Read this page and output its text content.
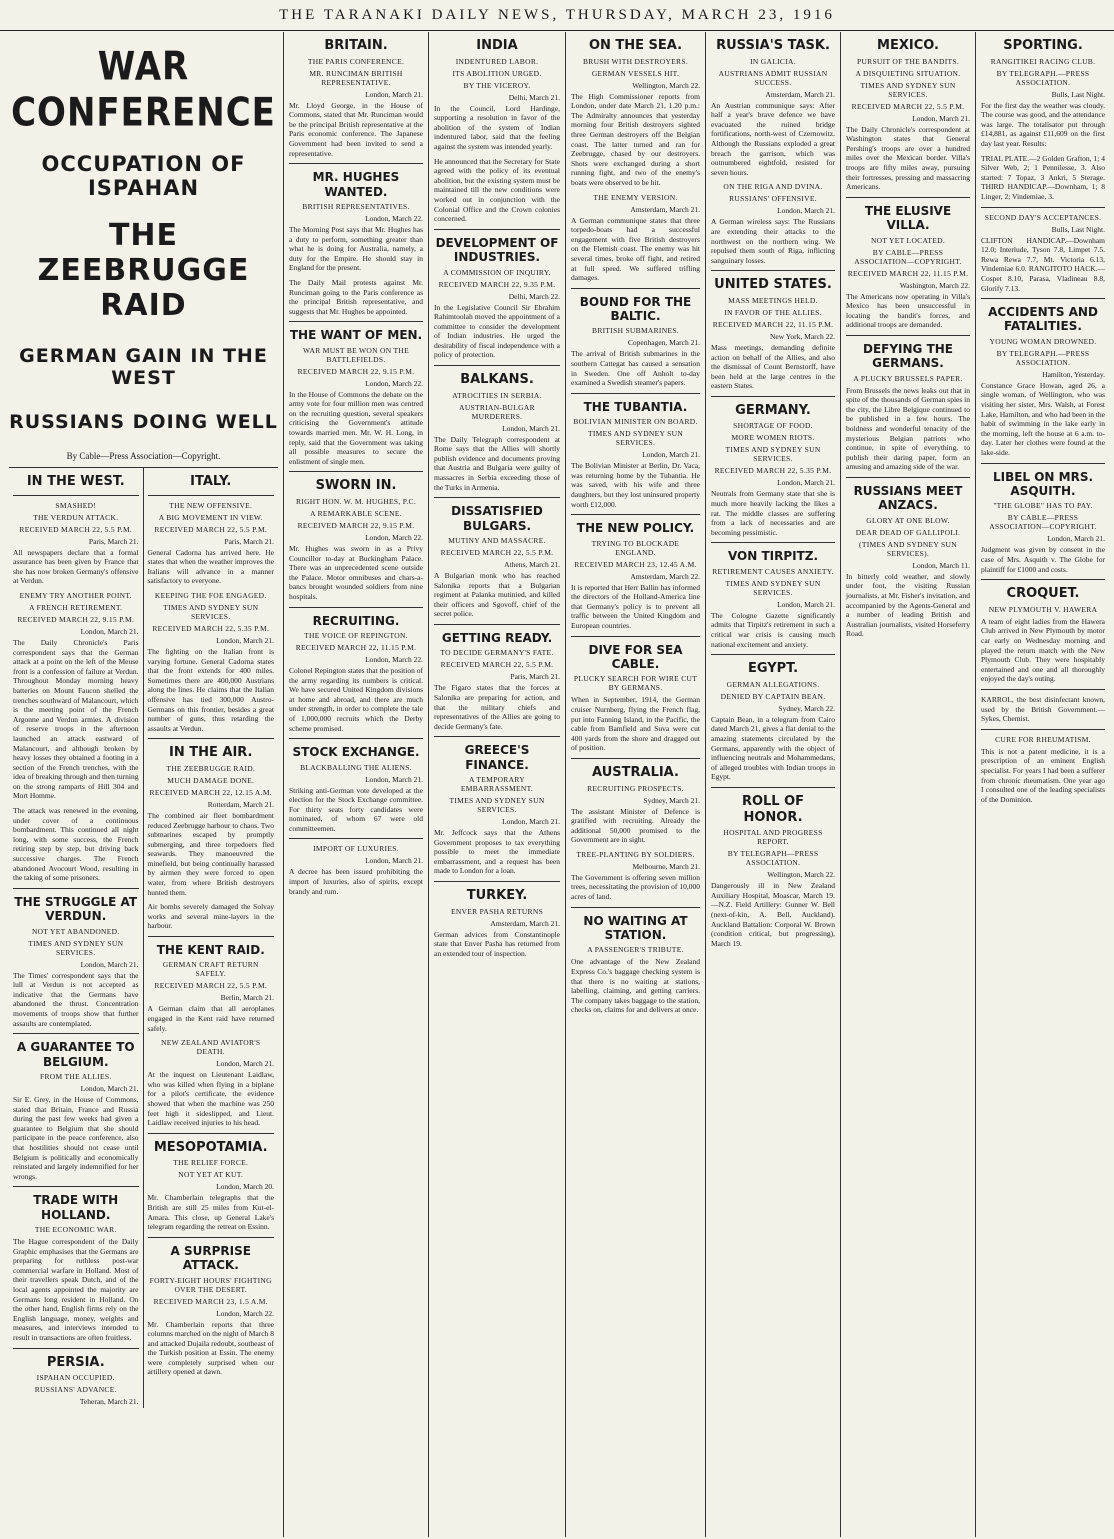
THE TARANAKI DAILY NEWS, THURSDAY, MARCH 23, 1916
WAR CONFERENCE
OCCUPATION OF ISPAHAN
THE ZEEBRUGGE RAID
GERMAN GAIN IN THE WEST
RUSSIANS DOING WELL
By Cable—Press Association—Copyright.
IN THE WEST.
SMASHED!
THE VERDUN ATTACK.
RECEIVED MARCH 22, 5.5 P.M.
Paris, March 21.
All newspapers declare that a formal assurance has been given by France that she has now broken Germany's offensive at Verdun.
ENEMY TRY ANOTHER POINT.
A FRENCH RETIREMENT.
RECEIVED MARCH 22, 9.15 P.M.
London, March 21.
The Daily Chronicle's Paris correspondent says that the German attack at a point on the left of the Meuse front is a confession of failure at Verdun. Throughout Monday morning heavy batteries on Mount Faucon shelled the trenches southward of Malancourt, which is the meeting point of the French Argonne and Verdun armies. A division of reserve troops in the afternoon launched an attack eastward of Malancourt, and although broken by heavy losses they obtained a footing in a section of the French trenches, with the idea of breaking through and then turning on the strong ramparts of Hill 304 and Mort Homme.
The attack was renewed in the evening, under cover of a continuous bombardment. This continued all night long, with some success, the French retiring step by step, but driving back successive charges. The French abandoned Avocourt Wood, resulting in the taking of some prisoners.
THE STRUGGLE AT VERDUN.
NOT YET ABANDONED.
TIMES AND SYDNEY SUN SERVICES.
London, March 21.
The Times' correspondent says that the lull at Verdun is not accepted as indicative that the Germans have abandoned the thrust. Concentration movements of troops show that further assaults are contemplated.
A GUARANTEE TO BELGIUM.
FROM THE ALLIES.
London, March 21.
Sir E. Grey, in the House of Commons, stated that Britain, France and Russia during the past few weeks had given a guarantee to Belgium that she should participate in the peace conference, also that hostilities should not cease until Belgium is politically and economically reinstated and largely indemnified for her wrongs.
TRADE WITH HOLLAND.
THE ECONOMIC WAR.
The Hague correspondent of the Daily Graphic emphasises that the Germans are preparing for ruthless post-war commercial warfare in Holland. Most of their travellers speak Dutch, and of the local agents appointed the majority are Germans long resident in Holland. On the other hand, English firms rely on the English language, money, weights and measures, and interviews intended to result in transactions are often fruitless.
PERSIA.
ISPAHAN OCCUPIED.
RUSSIANS' ADVANCE.
Teheran, March 21.
ITALY.
THE NEW OFFENSIVE.
A BIG MOVEMENT IN VIEW.
RECEIVED MARCH 22, 5.5 P.M.
Paris, March 21.
General Cadorna has arrived here. He states that when the weather improves the Italians will advance in a manner satisfactory to everyone.
KEEPING THE FOE ENGAGED.
TIMES AND SYDNEY SUN SERVICES.
RECEIVED MARCH 22, 5.35 P.M.
London, March 21.
The fighting on the Italian front is varying fortune. General Cadorna states that the front extends for 400 miles. Sometimes there are 400,000 Austrians along the lines. He claims that the Italian offensive has tied 300,000 Austro-Germans on this frontier, besides a great number of guns, thus retarding the assaults at Verdun.
IN THE AIR.
THE ZEEBRUGGE RAID.
MUCH DAMAGE DONE.
RECEIVED MARCH 22, 12.15 A.M.
Rotterdam, March 21.
The combined air fleet bombardment reduced Zeebrugge harbour to chaos. Two submarines escaped by promptly submerging, and three torpedoers fled seawards. They manoeuvred the minefield, but being continually harassed by airmen they were forced to open water, from where British destroyers hunted them.
Air bombs severely damaged the Solvay works and several mine-layers in the harbour.
THE KENT RAID.
GERMAN CRAFT RETURN SAFELY.
RECEIVED MARCH 22, 5.5 P.M.
Berlin, March 21.
A German claim that all aeroplanes engaged in the Kent raid have returned safely.
NEW ZEALAND AVIATOR'S DEATH.
London, March 21.
At the inquest on Lieutenant Laidlaw, who was killed when flying in a biplane for a pilot's certificate, the evidence showed that when the machine was 250 feet high it sideslipped, and Lieut. Laidlaw received injuries to his head.
MESOPOTAMIA.
THE RELIEF FORCE.
NOT YET AT KUT.
London, March 20.
Mr. Chamberlain telegraphs that the British are still 25 miles from Kut-el-Amara. This close, up General Lake's telegram regarding the retreat on Essinn.
A SURPRISE ATTACK.
FORTY-EIGHT HOURS' FIGHTING OVER THE DESERT.
RECEIVED MARCH 23, 1.5 A.M.
London, March 22.
Mr. Chamberlain reports that three columns marched on the night of March 8 and attacked Dujaila redoubt, southeast of the Turkish position at Essin. The enemy were completely surprised when our artillery opened at dawn.
BRITAIN.
THE PARIS CONFERENCE.
MR. RUNCIMAN BRITISH REPRESENTATIVE.
London, March 21.
Mr. Lloyd George, in the House of Commons, stated that Mr. Runciman would be the principal British representative at the Paris economic conference. The Japanese Government had been invited to send a representative.
MR. HUGHES WANTED.
BRITISH REPRESENTATIVES.
London, March 22.
The Morning Post says that Mr. Hughes has a duty to perform, something greater than what he is doing for Australia, namely, a duty for the Empire. He should stay in England for the present.
The Daily Mail protests against Mr. Runciman going to the Paris conference as the principal British representative, and suggests that Mr. Hughes be appointed.
THE WANT OF MEN.
WAR MUST BE WON ON THE BATTLEFIELDS.
RECEIVED MARCH 22, 9.15 P.M.
London, March 22.
In the House of Commons the debate on the army vote for four million men was centred on the recruiting question, several speakers criticising the Government's attitude towards married men. Mr. W. H. Long, in reply, said that the Government was taking all possible measures to secure the enlistment of single men.
SWORN IN.
RIGHT HON. W. M. HUGHES, P.C.
A REMARKABLE SCENE.
RECEIVED MARCH 22, 9.15 P.M.
London, March 22.
Mr. Hughes was sworn in as a Privy Councillor to-day at Buckingham Palace. There was an unprecedented scene outside the Palace. Motor omnibuses and chars-a-bancs brought wounded soldiers from nine hospitals.
RECRUITING.
THE VOICE OF REPINGTON.
RECEIVED MARCH 22, 11.15 P.M.
London, March 22.
Colonel Repington states that the position of the army regarding its numbers is critical. We have secured United Kingdom divisions at home and abroad, and there are much under strength, in order to complete the tale of 1,000,000 recruits which the Derby scheme promised.
STOCK EXCHANGE.
BLACKBALLING THE ALIENS.
London, March 21.
Striking anti-German vote developed at the election for the Stock Exchange committee. For thirty seats forty candidates were nominated, of whom 67 were old committeemen.
IMPORT OF LUXURIES.
London, March 21.
A decree has been issued prohibiting the import of luxuries, also of spirits, except brandy and rum.
INDIA
INDENTURED LABOR.
ITS ABOLITION URGED.
BY THE VICEROY.
Delhi, March 21.
In the Council, Lord Hardinge, supporting a resolution in favor of the abolition of the system of Indian indentured labor, said that the feeling against the system was intended yearly.
He announced that the Secretary for State agreed with the policy of its eventual abolition, but the existing system must be maintained till the new conditions were worked out in conjunction with the Colonial Office and the Crown colonies concerned.
DEVELOPMENT OF INDUSTRIES.
A COMMISSION OF INQUIRY.
RECEIVED MARCH 22, 9.35 P.M.
Delhi, March 22.
In the Legislative Council Sir Ebrahim Rahimtoolah moved the appointment of a committee to consider the development of Indian industries. He urged the desirability of fiscal independence with a policy of protection.
BALKANS.
ATROCITIES IN SERBIA.
AUSTRIAN-BULGAR MURDERERS.
London, March 21.
The Daily Telegraph correspondent at Rome says that the Allies will shortly publish evidence and documents proving that Austria and Bulgaria were guilty of massacres in Serbia exceeding those of the Turks in Armenia.
DISSATISFIED BULGARS.
MUTINY AND MASSACRE.
RECEIVED MARCH 22, 5.5 P.M.
Athens, March 21.
A Bulgarian monk who has reached Salonika reports that a Bulgarian regiment at Palanka mutinied, and killed their officers and Sgovoff, chief of the secret police.
GETTING READY.
TO DECIDE GERMANY'S FATE.
RECEIVED MARCH 22, 5.5 P.M.
Paris, March 21.
The Figaro states that the forces at Salonika are preparing for action, and that the military chiefs and representatives of the Allies are going to decide Germany's fate.
GREECE'S FINANCE.
A TEMPORARY EMBARRASSMENT.
TIMES AND SYDNEY SUN SERVICES.
London, March 21.
Mr. Jeffcock says that the Athens Government proposes to tax everything possible to meet the immediate embarrassment, and a request has been made to London for a loan.
TURKEY.
ENVER PASHA RETURNS
Amsterdam, March 21.
German advices from Constantinople state that Enver Pasha has returned from an extended tour of inspection.
ON THE SEA.
BRUSH WITH DESTROYERS.
GERMAN VESSELS HIT.
Wellington, March 22.
The High Commissioner reports from London, under date March 21, 1.20 p.m.: The Admiralty announces that yesterday morning four British destroyers sighted three German destroyers off the Belgian coast. The latter turned and ran for Zeebrugge, chased by our destroyers. Shots were exchanged during a short running fight, and two of the enemy's boats were observed to be hit.
THE ENEMY VERSION.
Amsterdam, March 21.
A German communique states that three torpedo-boats had a successful engagement with five British destroyers on the Flemish coast. The enemy was hit several times, broke off fight, and retired at full speed. We suffered trifling damages.
BOUND FOR THE BALTIC.
BRITISH SUBMARINES.
Copenhagen, March 21.
The arrival of British submarines in the southern Cattegat has caused a sensation in Sweden. One off Anholt to-day examined a Swedish steamer's papers.
THE TUBANTIA.
BOLIVIAN MINISTER ON BOARD.
TIMES AND SYDNEY SUN SERVICES.
London, March 21.
The Bolivian Minister at Berlin, Dr. Vaca, was returning home by the Tubantia. He was saved, with his wife and three daughters, but they lost uninsured property worth £12,000.
THE NEW POLICY.
TRYING TO BLOCKADE ENGLAND.
RECEIVED MARCH 23, 12.45 A.M.
Amsterdam, March 22.
It is reported that Herr Ballin has informed the directors of the Holland-America line that Germany's policy is to prevent all traffic between the United Kingdom and European countries.
DIVE FOR SEA CABLE.
PLUCKY SEARCH FOR WIRE CUT BY GERMANS.
When in September, 1914, the German cruiser Nurnberg, flying the French flag, put into Fanning Island, in the Pacific, the cable from Bamfield and Suva were cut 400 yards from the shore and dragged out of position.
AUSTRALIA.
RECRUITING PROSPECTS.
Sydney, March 21.
The assistant Minister of Defence is gratified with recruiting. Already the additional 50,000 promised to the Government are in sight.
TREE-PLANTING BY SOLDIERS.
Melbourne, March 21.
The Government is offering seven million trees, necessitating the provision of 10,000 acres of land.
NO WAITING AT STATION.
A PASSENGER'S TRIBUTE.
One advantage of the New Zealand Express Co.'s baggage checking system is that there is no waiting at stations, labelling, claiming, and getting carriers. The company takes baggage to the station, checks on, claims for and delivers at once.
RUSSIA'S TASK.
IN GALICIA.
AUSTRIANS ADMIT RUSSIAN SUCCESS.
Amsterdam, March 21.
An Austrian communique says: After half a year's brave defence we have evacuated the ruined bridge fortifications, north-west of Czernowitz. Although the Russians exploded a great breach the garrison, which was outnumbered eightfold, resisted for seven hours.
ON THE RIGA AND DVINA.
RUSSIANS' OFFENSIVE.
London, March 21.
A German wireless says: The Russians are extending their attacks to the northwest on the northern wing. We repulsed them south of Riga, inflicting sanguinary losses.
UNITED STATES.
MASS MEETINGS HELD.
IN FAVOR OF THE ALLIES.
RECEIVED MARCH 22, 11.15 P.M.
New York, March 22.
Mass meetings, demanding definite action on behalf of the Allies, and also the dismissal of Count Bernstorff, have been held at the large centres in the eastern States.
GERMANY.
SHORTAGE OF FOOD.
MORE WOMEN RIOTS.
TIMES AND SYDNEY SUN SERVICES.
RECEIVED MARCH 22, 5.35 P.M.
London, March 21.
Neutrals from Germany state that she is much more heavily lacking the likes a rat. The middle classes are suffering from a lack of necessaries and are becoming pessimistic.
VON TIRPITZ.
RETIREMENT CAUSES ANXIETY.
TIMES AND SYDNEY SUN SERVICES.
London, March 21.
The Cologne Gazette significantly admits that Tirpitz's retirement in such a critical war crisis is causing much national excitement and anxiety.
EGYPT.
GERMAN ALLEGATIONS.
DENIED BY CAPTAIN BEAN.
Sydney, March 22.
Captain Bean, in a telegram from Cairo dated March 21, gives a flat denial to the amazing statements circulated by the Germans, apparently with the object of influencing neutrals and Mohammedans, of alleged troubles with Indian troops in Egypt.
ROLL OF HONOR.
HOSPITAL AND PROGRESS REPORT.
BY TELEGRAPH—PRESS ASSOCIATION.
Wellington, March 22.
Dangerously ill in New Zealand Auxiliary Hospital, Moascar, March 19.—N.Z. Field Artillery: Gunner W. Bell (next-of-kin, A. Bell, Auckland). Auckland Battalion: Corporal W. Brown (condition critical, but progressing), March 19.
MEXICO.
PURSUIT OF THE BANDITS.
A DISQUIETING SITUATION.
TIMES AND SYDNEY SUN SERVICES.
RECEIVED MARCH 22, 5.5 P.M.
London, March 21.
The Daily Chronicle's correspondent at Washington states that General Pershing's troops are over a hundred miles over the Mexican border. Villa's troops are fifty miles away, pursuing their fortresses, pressing and massacring Americans.
THE ELUSIVE VILLA.
NOT YET LOCATED.
BY CABLE—PRESS ASSOCIATION—COPYRIGHT.
RECEIVED MARCH 22, 11.15 P.M.
Washington, March 22.
The Americans now operating in Villa's Mexico has been unsuccessful in locating the bandit's forces, and additional troops are demanded.
DEFYING THE GERMANS.
A PLUCKY BRUSSELS PAPER.
From Brussels the news leaks out that in spite of the thousands of German spies in the city, the Libre Belgique continued to be published in a few hours. The boldness and wonderful tenacity of the mysterious Belgian patriots who continue, in spite of everything, to publish their daring paper, form an amusing and amazing side of the war.
RUSSIANS MEET ANZACS.
GLORY AT ONE BLOW.
DEAR DEAD OF GALLIPOLI.
(TIMES AND SYDNEY SUN SERVICES).
London, March 11.
In bitterly cold weather, and slowly under foot, the visiting Russian journalists, at Mr. Fisher's invitation, and accompanied by the Agents-General and a number of leading British and Australian journalists, visited Horseferry Road.
SPORTING.
RANGITIKEI RACING CLUB.
BY TELEGRAPH.—PRESS ASSOCIATION.
Bulls, Last Night.
For the first day the weather was cloudy. The course was good, and the attendance was large. The totalisator put through £14,881, as against £11,609 on the first day last year. Results:
TRIAL PLATE.—2 Golden Grafton, 1; 4 Silver Web, 2; 1 Pennilesse, 3. Also started: 7 Topaz, 3 Ankri, 5 Sterage. THIRD HANDICAP.—Downham, 1; 8 Linger, 2; Vindemiae, 3.
SECOND DAY'S ACCEPTANCES.
Bulls, Last Night.
CLIFTON HANDICAP.—Downham 12.0; Interlude, Tyson 7.8, Limpet 7.5. Rewa Rewa 7.7, Mt. Victoria 6.13, Vindemiae 6.0. RANGITOTO HACK.—Cospet 8.10, Parasa, Vladineau 8.8, Glorify 7.13.
ACCIDENTS AND FATALITIES.
YOUNG WOMAN DROWNED.
BY TELEGRAPH.—PRESS ASSOCIATION.
Hamilton, Yesterday.
Constance Grace Howan, aged 26, a single woman, of Wellington, who was visiting her sister, Mrs. Walsh, at Forest Lake, Hamilton, and who had been in the habit of swimming in the lake early in the morning, left the house at 6 a.m. to-day. Later her clothes were found at the lake-side.
LIBEL ON MRS. ASQUITH.
"THE GLOBE" HAS TO PAY.
BY CABLE—PRESS ASSOCIATION—COPYRIGHT.
London, March 21.
Judgment was given by consent in the case of Mrs. Asquith v. The Globe for plaintiff for £1000 and costs.
CROQUET.
NEW PLYMOUTH V. HAWERA
A team of eight ladies from the Hawera Club arrived in New Plymouth by motor car early on Wednesday morning and played the return match with the New Plymouth Club. They were hospitably entertained and one and all thoroughly enjoyed the day's outing.
KARROL, the best disinfectant known, used by the British Government.—Sykes, Chemist.
CURE FOR RHEUMATISM.
This is not a patent medicine, it is a prescription of an eminent English specialist. For years I had been a sufferer from chronic rheumatism. One year ago I consulted one of the leading specialists of the Dominion.
